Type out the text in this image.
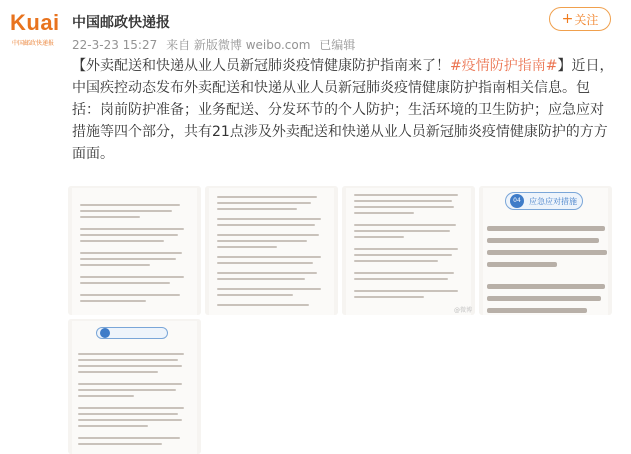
Kuai
中国邮政快递报
中国邮政快递报
22-3-23 15:27 来自 新版微博 weibo.com 已编辑
+ 关注
【外卖配送和快递从业人员新冠肺炎疫情健康防护指南来了！#疫情防护指南#】近日，中国疾控动态发布外卖配送和快递从业人员新冠肺炎疫情健康防护指南相关信息。包括：岗前防护准备；业务配送、分发环节的个人防护；生活环境的卫生防护；应急应对措施等四个部分，共有21点涉及外卖配送和快递从业人员新冠肺炎疫情健康防护的方方面面。
@微博
04	应急应对措施
